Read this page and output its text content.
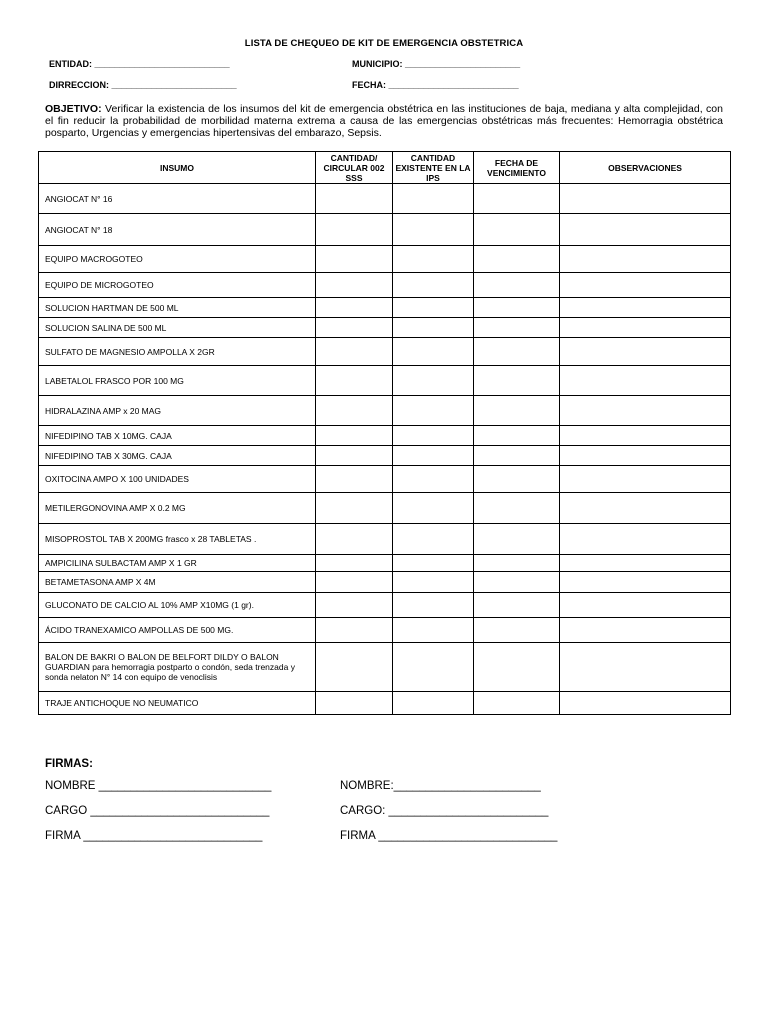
LISTA DE CHEQUEO DE KIT DE EMERGENCIA OBSTETRICA
ENTIDAD: ___________________________	MUNICIPIO: _______________________
DIRRECCION: _________________________	FECHA: __________________________
OBJETIVO: Verificar la existencia de los insumos del kit de emergencia obstétrica en las instituciones de baja, mediana y alta complejidad, con el fin reducir la probabilidad de morbilidad materna extrema a causa de las emergencias obstétricas más frecuentes: Hemorragia obstétrica posparto, Urgencias y emergencias hipertensivas del embarazo, Sepsis.
INSUMO	CANTIDAD/ CIRCULAR 002 SSS	CANTIDAD EXISTENTE EN LA IPS	FECHA DE VENCIMIENTO	OBSERVACIONES
ANGIOCAT N° 16				
ANGIOCAT N° 18				
EQUIPO MACROGOTEO				
EQUIPO DE MICROGOTEO				
SOLUCION HARTMAN DE 500 ML				
SOLUCION SALINA DE 500 ML				
SULFATO DE MAGNESIO AMPOLLA X 2GR				
LABETALOL FRASCO POR 100 MG				
HIDRALAZINA AMP x 20 MAG				
NIFEDIPINO TAB X 10MG. CAJA				
NIFEDIPINO TAB X 30MG. CAJA				
OXITOCINA AMPO X 100 UNIDADES				
METILERGONOVINA AMP X 0.2 MG				
MISOPROSTOL TAB X 200MG frasco x 28 TABLETAS .				
AMPICILINA SULBACTAM AMP X 1 GR				
BETAMETASONA AMP X 4M				
GLUCONATO DE CALCIO AL 10% AMP X10MG (1 gr).				
ÁCIDO TRANEXAMICO AMPOLLAS DE 500 MG.				
BALON DE BAKRI O BALON DE BELFORT DILDY O BALON GUARDIAN para hemorragia postparto o condón, seda trenzada y sonda nelaton N° 14 con equipo de venoclisis				
TRAJE ANTICHOQUE NO NEUMATICO				
FIRMAS:
NOMBRE ___________________________	NOMBRE:_______________________
CARGO ____________________________	CARGO: _________________________
FIRMA ____________________________	FIRMA ____________________________
